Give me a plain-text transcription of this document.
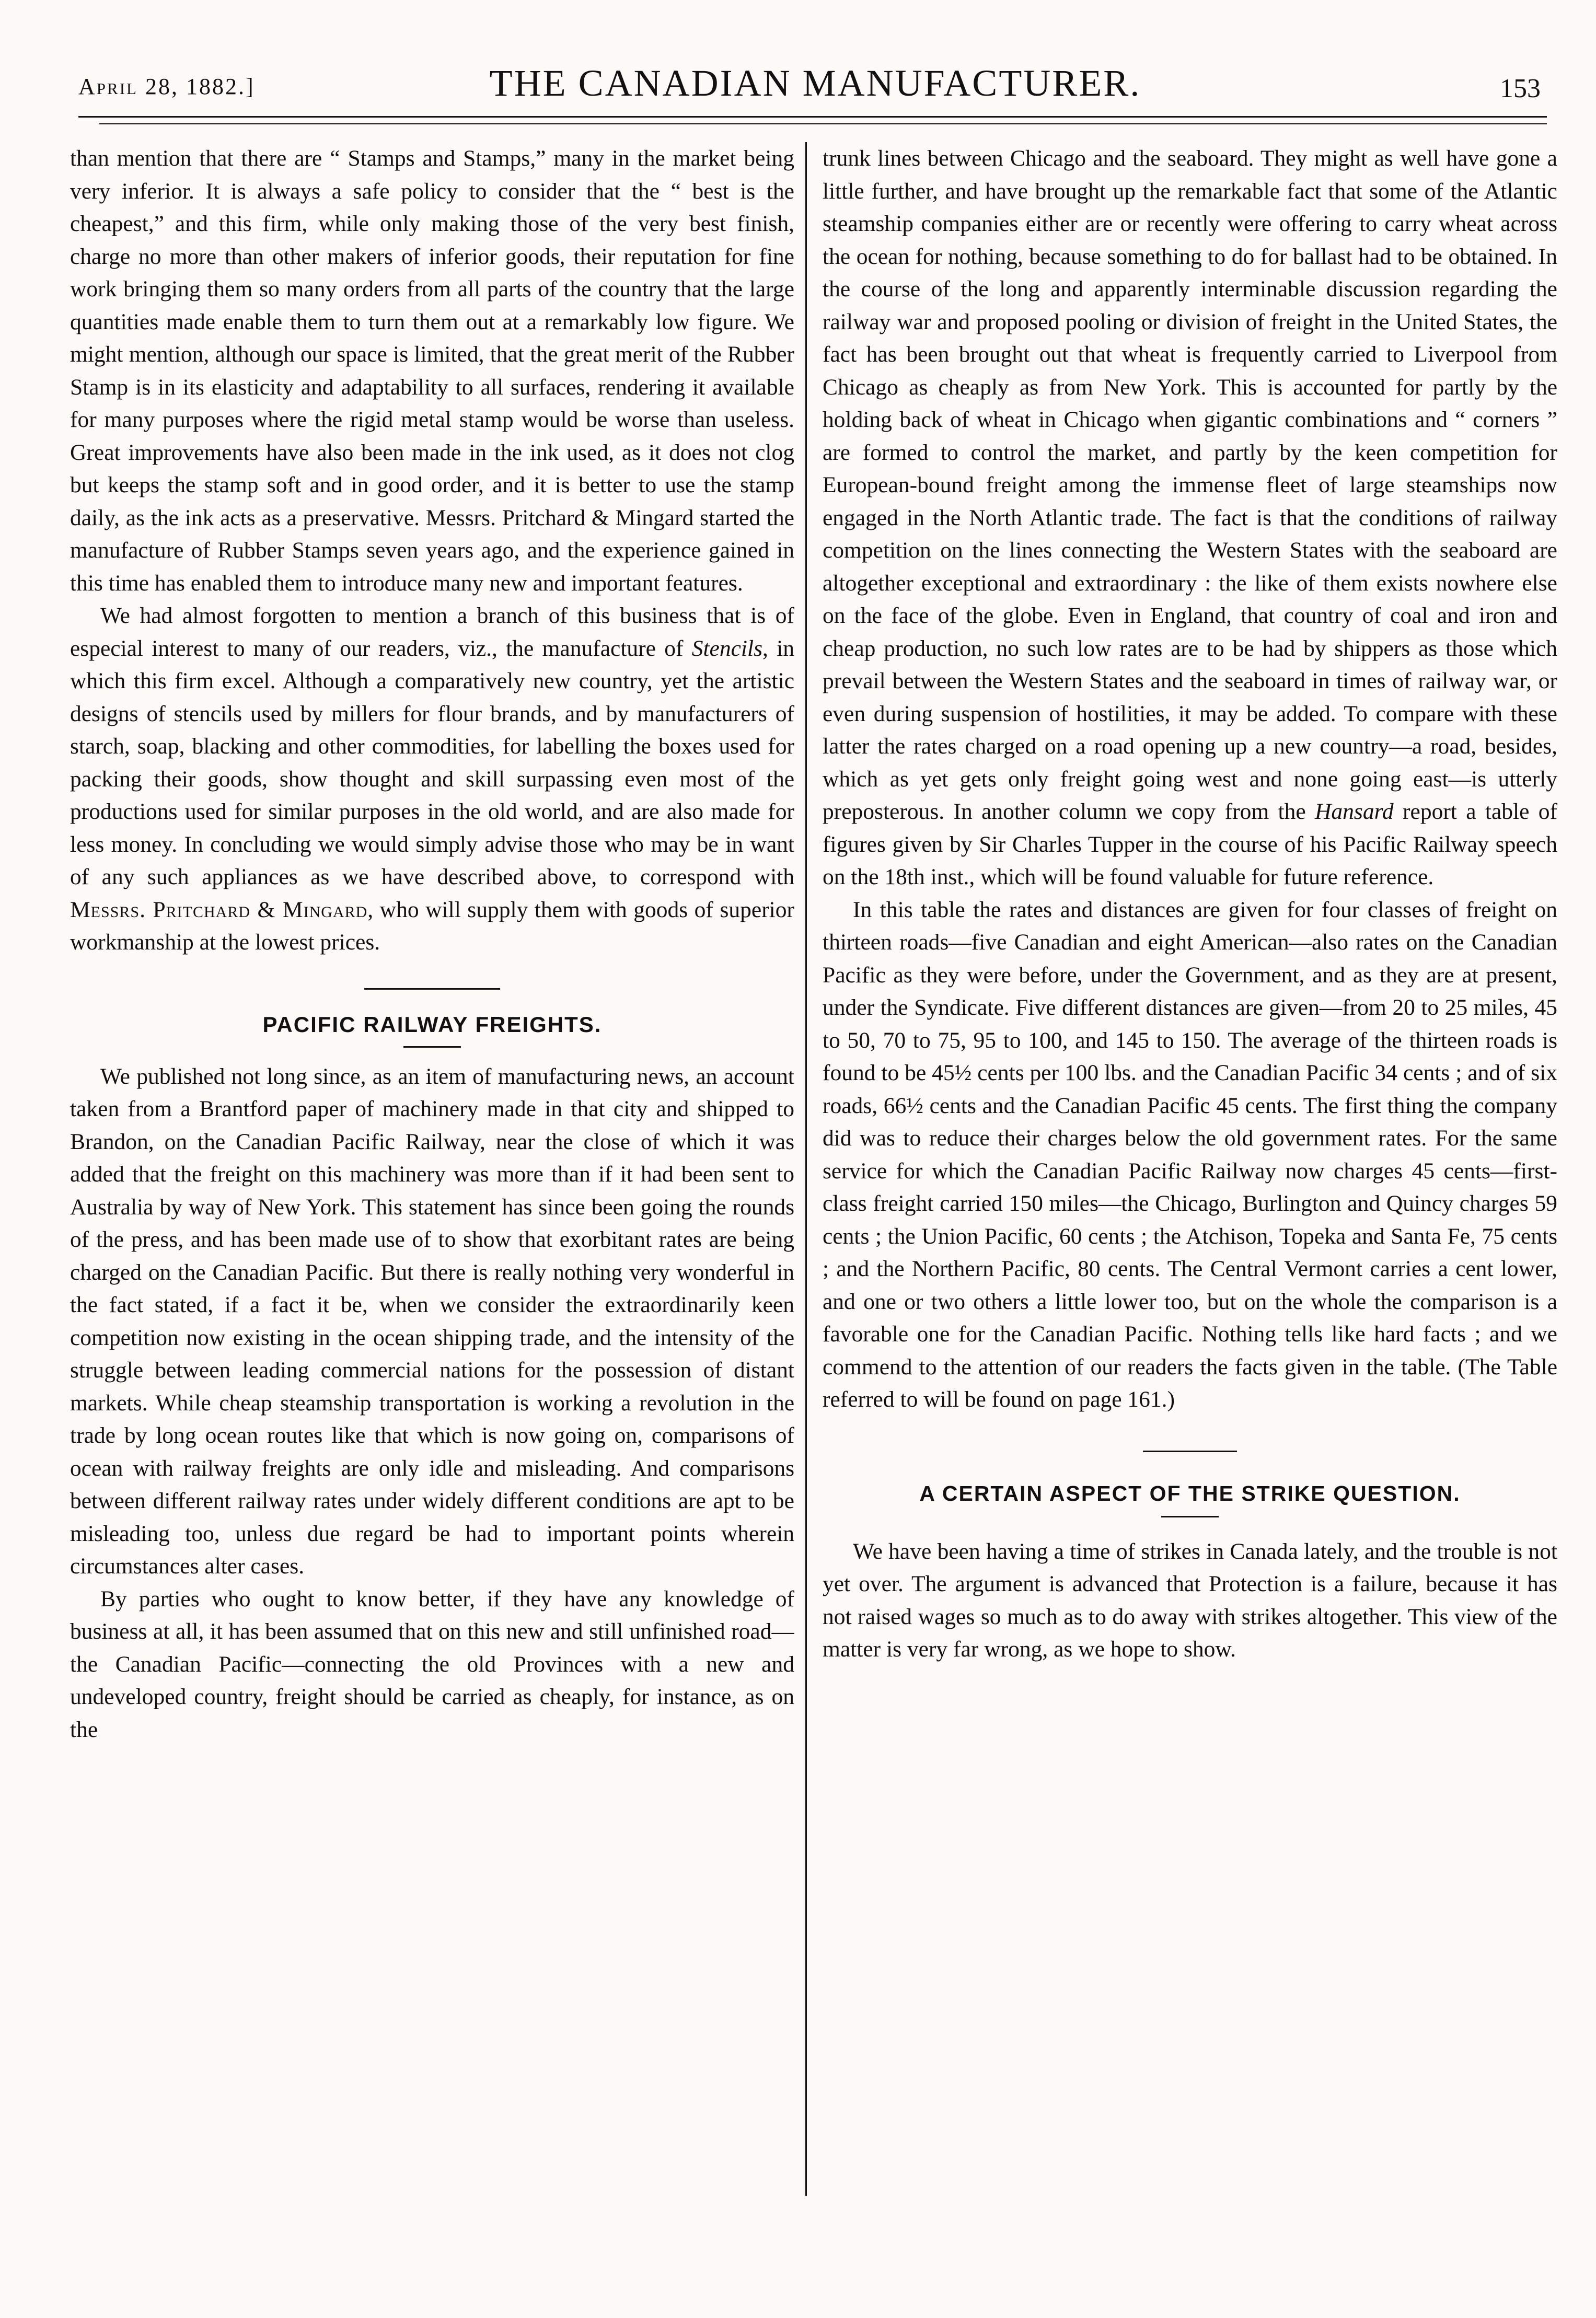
April 28, 1882.]	THE CANADIAN MANUFACTURER.	153

than mention that there are “ Stamps and Stamps,” many in the market being very inferior. It is always a safe policy to consider that the “ best is the cheapest,” and this firm, while only making those of the very best finish, charge no more than other makers of inferior goods, their reputation for fine work bringing them so many orders from all parts of the country that the large quantities made enable them to turn them out at a remarkably low figure. We might mention, although our space is limited, that the great merit of the Rubber Stamp is in its elasticity and adaptability to all surfaces, rendering it available for many purposes where the rigid metal stamp would be worse than useless. Great improvements have also been made in the ink used, as it does not clog but keeps the stamp soft and in good order, and it is better to use the stamp daily, as the ink acts as a preservative. Messrs. Pritchard & Mingard started the manufacture of Rubber Stamps seven years ago, and the experience gained in this time has enabled them to introduce many new and important features.

We had almost forgotten to mention a branch of this business that is of especial interest to many of our readers, viz., the manufacture of Stencils, in which this firm excel. Although a comparatively new country, yet the artistic designs of stencils used by millers for flour brands, and by manufacturers of starch, soap, blacking and other commodities, for labelling the boxes used for packing their goods, show thought and skill surpassing even most of the productions used for similar purposes in the old world, and are also made for less money. In concluding we would simply advise those who may be in want of any such appliances as we have described above, to correspond with Messrs. Pritchard & Mingard, who will supply them with goods of superior workmanship at the lowest prices.

PACIFIC RAILWAY FREIGHTS.

We published not long since, as an item of manufacturing news, an account taken from a Brantford paper of machinery made in that city and shipped to Brandon, on the Canadian Pacific Railway, near the close of which it was added that the freight on this machinery was more than if it had been sent to Australia by way of New York. This statement has since been going the rounds of the press, and has been made use of to show that exorbitant rates are being charged on the Canadian Pacific. But there is really nothing very wonderful in the fact stated, if a fact it be, when we consider the extraordinarily keen competition now existing in the ocean shipping trade, and the intensity of the struggle between leading commercial nations for the possession of distant markets. While cheap steamship transportation is working a revolution in the trade by long ocean routes like that which is now going on, comparisons of ocean with railway freights are only idle and misleading. And comparisons between different railway rates under widely different conditions are apt to be misleading too, unless due regard be had to important points wherein circumstances alter cases.

By parties who ought to know better, if they have any knowledge of business at all, it has been assumed that on this new and still unfinished road—the Canadian Pacific—connecting the old Provinces with a new and undeveloped country, freight should be carried as cheaply, for instance, as on the

trunk lines between Chicago and the seaboard. They might as well have gone a little further, and have brought up the remarkable fact that some of the Atlantic steamship companies either are or recently were offering to carry wheat across the ocean for nothing, because something to do for ballast had to be obtained. In the course of the long and apparently interminable discussion regarding the railway war and proposed pooling or division of freight in the United States, the fact has been brought out that wheat is frequently carried to Liverpool from Chicago as cheaply as from New York. This is accounted for partly by the holding back of wheat in Chicago when gigantic combinations and “ corners ” are formed to control the market, and partly by the keen competition for European-bound freight among the immense fleet of large steamships now engaged in the North Atlantic trade. The fact is that the conditions of railway competition on the lines connecting the Western States with the seaboard are altogether exceptional and extraordinary : the like of them exists nowhere else on the face of the globe. Even in England, that country of coal and iron and cheap production, no such low rates are to be had by shippers as those which prevail between the Western States and the seaboard in times of railway war, or even during suspension of hostilities, it may be added. To compare with these latter the rates charged on a road opening up a new country—a road, besides, which as yet gets only freight going west and none going east—is utterly preposterous. In another column we copy from the Hansard report a table of figures given by Sir Charles Tupper in the course of his Pacific Railway speech on the 18th inst., which will be found valuable for future reference.

In this table the rates and distances are given for four classes of freight on thirteen roads—five Canadian and eight American—also rates on the Canadian Pacific as they were before, under the Government, and as they are at present, under the Syndicate. Five different distances are given—from 20 to 25 miles, 45 to 50, 70 to 75, 95 to 100, and 145 to 150. The average of the thirteen roads is found to be 45½ cents per 100 lbs. and the Canadian Pacific 34 cents ; and of six roads, 66½ cents and the Canadian Pacific 45 cents. The first thing the company did was to reduce their charges below the old government rates. For the same service for which the Canadian Pacific Railway now charges 45 cents—first-class freight carried 150 miles—the Chicago, Burlington and Quincy charges 59 cents ; the Union Pacific, 60 cents ; the Atchison, Topeka and Santa Fe, 75 cents ; and the Northern Pacific, 80 cents. The Central Vermont carries a cent lower, and one or two others a little lower too, but on the whole the comparison is a favorable one for the Canadian Pacific. Nothing tells like hard facts ; and we commend to the attention of our readers the facts given in the table. (The Table referred to will be found on page 161.)

A CERTAIN ASPECT OF THE STRIKE QUESTION.

We have been having a time of strikes in Canada lately, and the trouble is not yet over. The argument is advanced that Protection is a failure, because it has not raised wages so much as to do away with strikes altogether. This view of the matter is very far wrong, as we hope to show.
